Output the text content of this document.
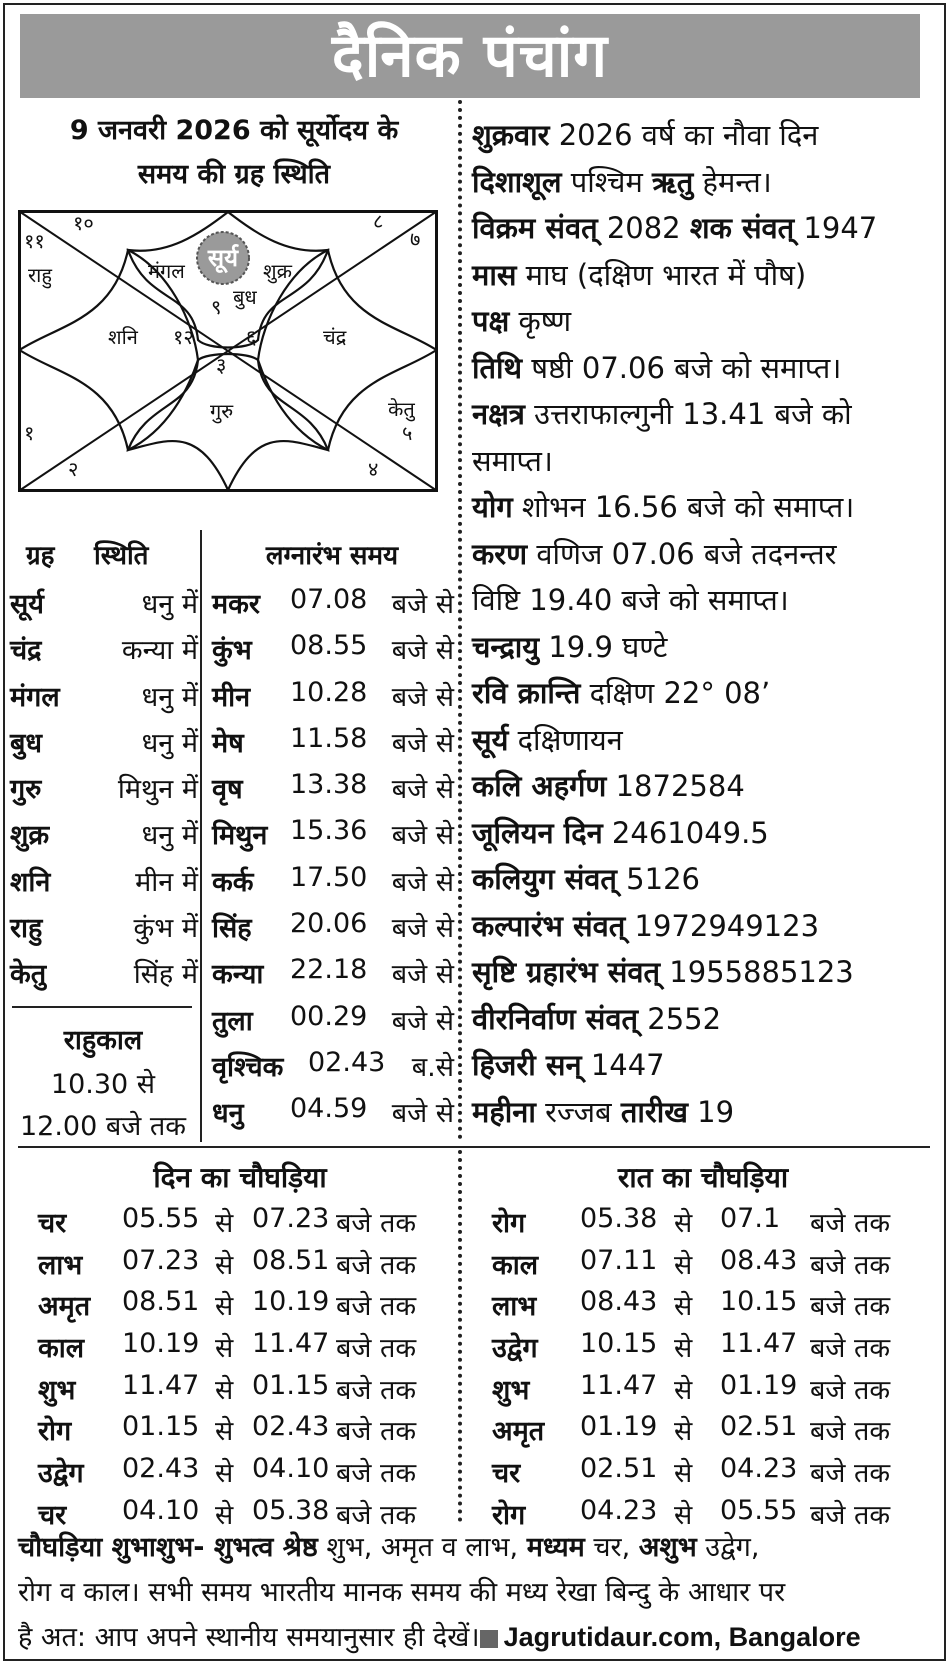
दैनिक पंचांग
9 जनवरी 2026 को सूर्योदय के
समय की ग्रह स्थिति
सूर्य
१०
११
राहु
८
७
मंगल	शुक्र
बुध
९
शनि १२	६	चंद्र
३
गुरु	केतु
५
१
२	४
ग्रह स्थिति
सूर्य	धनु में
चंद्र	कन्या में
मंगल	धनु में
बुध	धनु में
गुरु	मिथुन में
शुक्र	धनु में
शनि	मीन में
राहु	कुंभ में
केतु	सिंह में
राहुकाल
10.30 से
12.00 बजे तक
लग्नारंभ समय
मकर 07.08 बजे से
कुंभ 08.55 बजे से
मीन 10.28 बजे से
मेष 11.58 बजे से
वृष 13.38 बजे से
मिथुन 15.36 बजे से
कर्क 17.50 बजे से
सिंह 20.06 बजे से
कन्या 22.18 बजे से
तुला 00.29 बजे से
वृश्चिक 02.43 ब.से
धनु 04.59 बजे से
शुक्रवार 2026 वर्ष का नौवा दिन
दिशाशूल पश्चिम ऋतु हेमन्त।
विक्रम संवत् 2082 शक संवत् 1947
मास माघ (दक्षिण भारत में पौष)
पक्ष कृष्ण
तिथि षष्ठी 07.06 बजे को समाप्त।
नक्षत्र उत्तराफाल्गुनी 13.41 बजे को
समाप्त।
योग शोभन 16.56 बजे को समाप्त।
करण वणिज 07.06 बजे तदनन्तर
विष्टि 19.40 बजे को समाप्त।
चन्द्रायु 19.9 घण्टे
रवि क्रान्ति दक्षिण 22° 08’
सूर्य दक्षिणायन
कलि अहर्गण 1872584
जूलियन दिन 2461049.5
कलियुग संवत् 5126
कल्पारंभ संवत् 1972949123
सृष्टि ग्रहारंभ संवत् 1955885123
वीरनिर्वाण संवत् 2552
हिजरी सन् 1447
महीना रज्जब तारीख 19
दिन का चौघड़िया	रात का चौघड़िया
चर 05.55 से 07.23 बजे तक
लाभ 07.23 से 08.51 बजे तक
अमृत 08.51 से 10.19 बजे तक
काल 10.19 से 11.47 बजे तक
शुभ 11.47 से 01.15 बजे तक
रोग 01.15 से 02.43 बजे तक
उद्वेग 02.43 से 04.10 बजे तक
चर 04.10 से 05.38 बजे तक
रोग 05.38 से 07.1 बजे तक
काल 07.11 से 08.43 बजे तक
लाभ 08.43 से 10.15 बजे तक
उद्वेग 10.15 से 11.47 बजे तक
शुभ 11.47 से 01.19 बजे तक
अमृत 01.19 से 02.51 बजे तक
चर 02.51 से 04.23 बजे तक
रोग 04.23 से 05.55 बजे तक
चौघड़िया शुभाशुभ- शुभत्व श्रेष्ठ शुभ, अमृत व लाभ, मध्यम चर, अशुभ उद्वेग,
रोग व काल। सभी समय भारतीय मानक समय की मध्य रेखा बिन्दु के आधार पर
है अत: आप अपने स्थानीय समयानुसार ही देखें। Jagrutidaur.com, Bangalore
